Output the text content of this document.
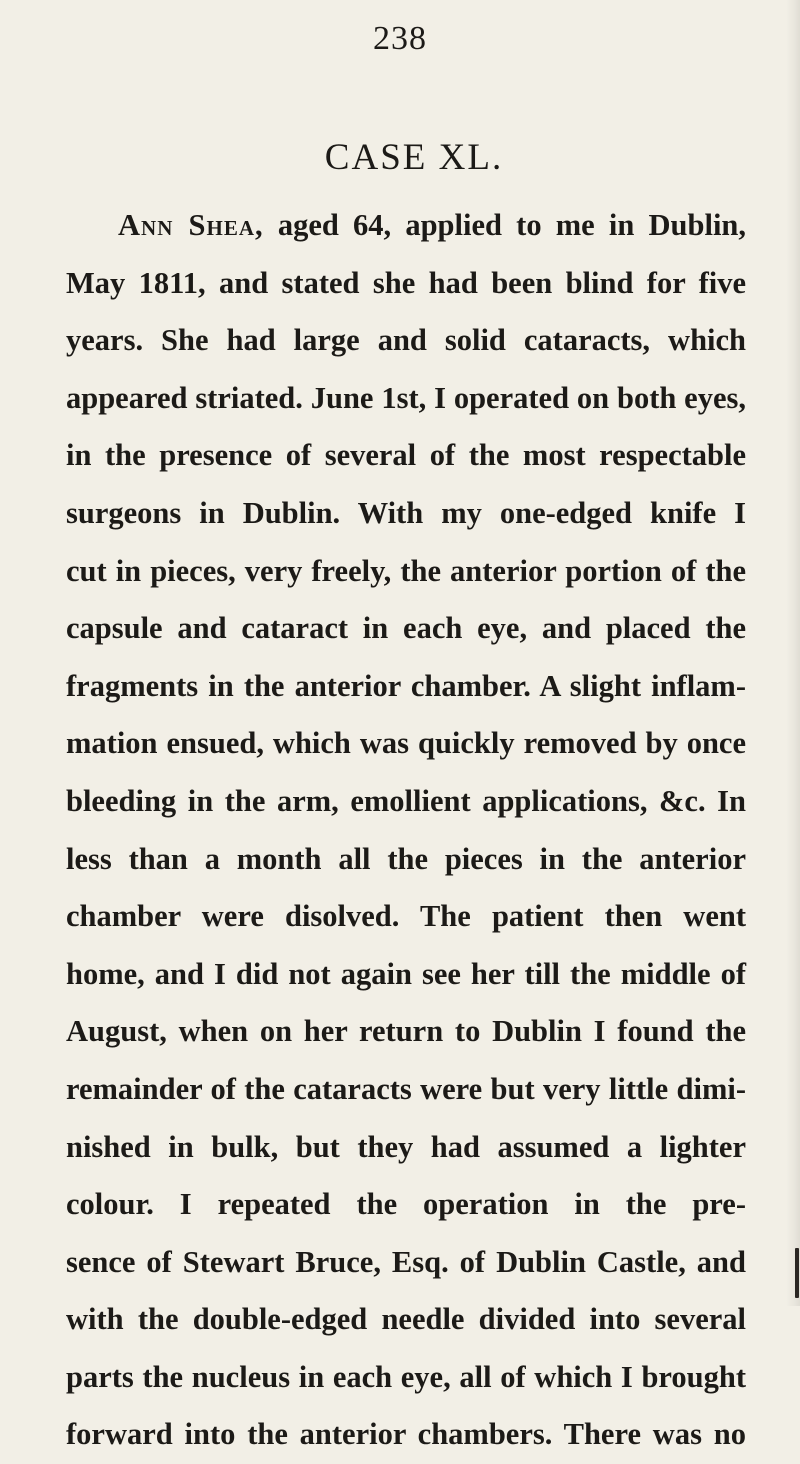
238
CASE XL.
Ann Shea, aged 64, applied to me in Dublin,
May 1811, and stated she had been blind for five
years. She had large and solid cataracts, which
appeared striated. June 1st, I operated on both eyes,
in the presence of several of the most respectable
surgeons in Dublin. With my one-edged knife I
cut in pieces, very freely, the anterior portion of the
capsule and cataract in each eye, and placed the
fragments in the anterior chamber. A slight inflam-
mation ensued, which was quickly removed by once
bleeding in the arm, emollient applications, &c. In
less than a month all the pieces in the anterior
chamber were disolved. The patient then went
home, and I did not again see her till the middle of
August, when on her return to Dublin I found the
remainder of the cataracts were but very little dimi-
nished in bulk, but they had assumed a lighter
colour. I repeated the operation in the pre-
sence of Stewart Bruce, Esq. of Dublin Castle, and
with the double-edged needle divided into several
parts the nucleus in each eye, all of which I brought
forward into the anterior chambers. There was no
